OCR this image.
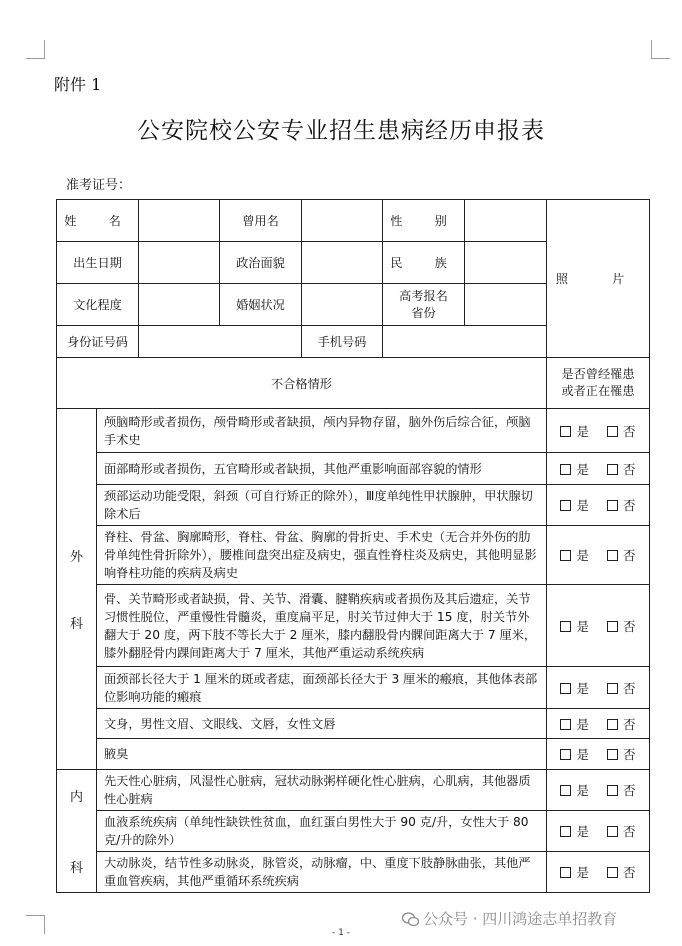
附件 1
公安院校公安专业招生患病经历申报表
准考证号：
姓　名			曾用名		性　别		照　片
出生日期			政治面貌		民　族		
文化程度			婚姻状况		高考报名省份		
身份证号码				手机号码			
不合格情形							是否曾经罹患或者正在罹患

外
科	颅脑畸形或者损伤，颅骨畸形或者缺损，颅内异物存留，脑外伤后综合征，颅脑手术史						是 否
	面部畸形或者损伤，五官畸形或者缺损，其他严重影响面部容貌的情形						是 否
	颈部运动功能受限，斜颈（可自行矫正的除外），Ⅲ度单纯性甲状腺肿，甲状腺切除术后						是 否
	脊柱、骨盆、胸廓畸形，脊柱、骨盆、胸廓的骨折史、手术史（无合并外伤的肋骨单纯性骨折除外），腰椎间盘突出症及病史，强直性脊柱炎及病史，其他明显影响脊柱功能的疾病及病史						是 否
	骨、关节畸形或者缺损，骨、关节、滑囊、腱鞘疾病或者损伤及其后遗症，关节习惯性脱位，严重慢性骨髓炎，重度扁平足，肘关节过伸大于 15 度，肘关节外翻大于 20 度，两下肢不等长大于 2 厘米，膝内翻股骨内髁间距离大于 7 厘米，膝外翻胫骨内踝间距离大于 7 厘米，其他严重运动系统疾病						是 否
	面颈部长径大于 1 厘米的斑或者痣，面颈部长径大于 3 厘米的瘢痕，其他体表部位影响功能的瘢痕						是 否
	文身，男性文眉、文眼线、文唇，女性文唇						是 否
	腋臭						是 否

内
科	先天性心脏病，风湿性心脏病，冠状动脉粥样硬化性心脏病，心肌病，其他器质性心脏病						是 否
	血液系统疾病（单纯性缺铁性贫血，血红蛋白男性大于 90 克/升，女性大于 80 克/升的除外）						是 否
	大动脉炎，结节性多动脉炎，脉管炎，动脉瘤，中、重度下肢静脉曲张，其他严重血管疾病，其他严重循环系统疾病						是 否
公众号 · 四川鸿途志单招教育
- 1 -
